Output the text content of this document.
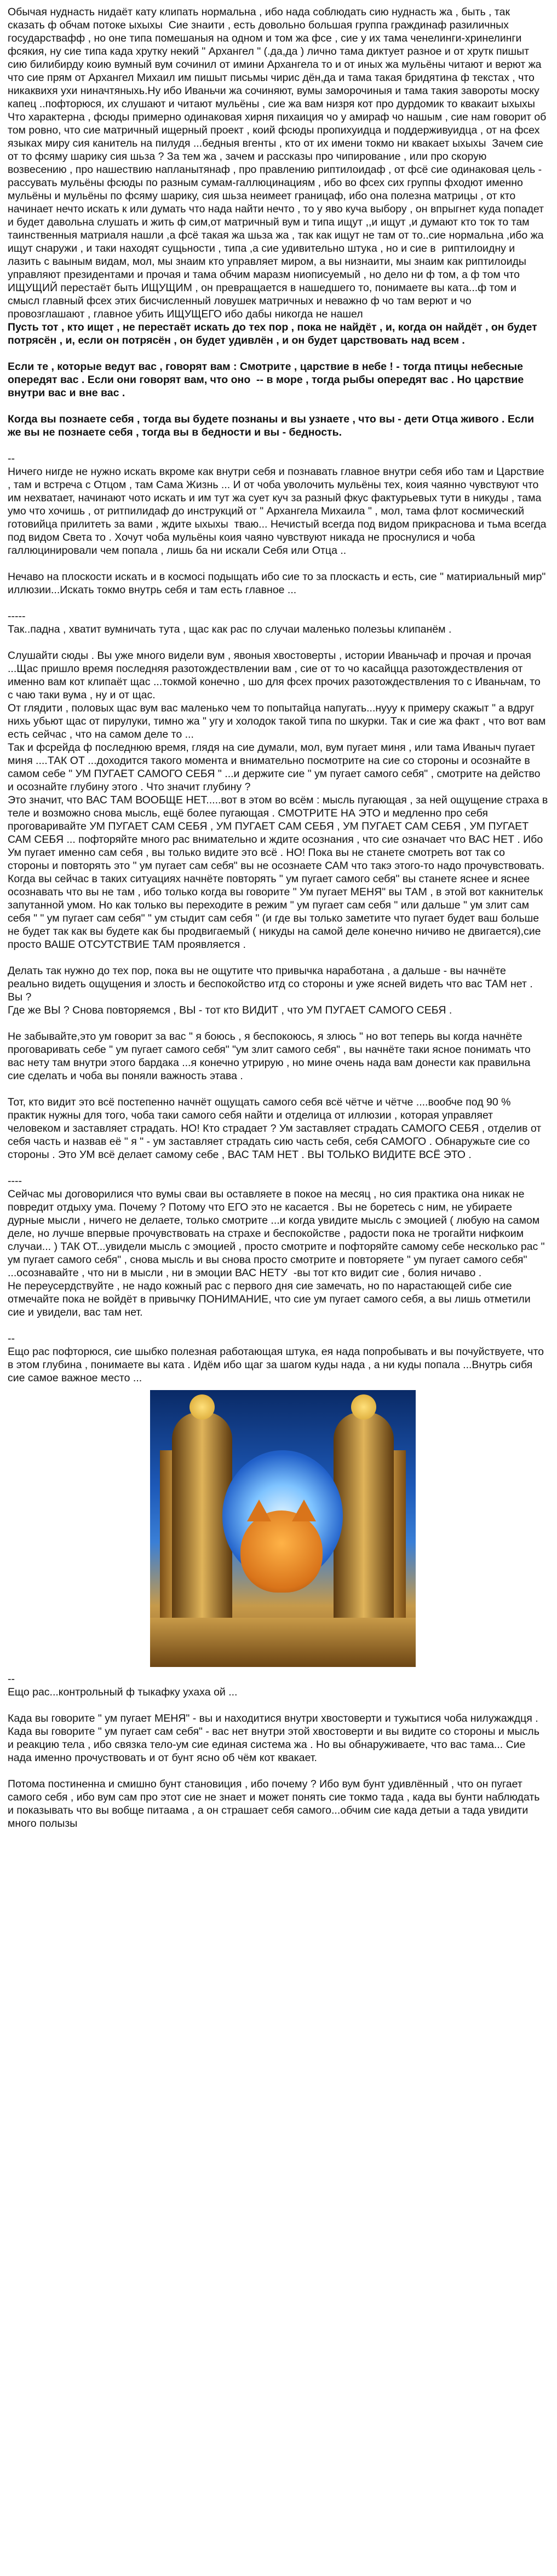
Обычая нуднасть нидаёт кату клипать нормальна , ибо нада соблюдать сию нуднасть жа , быть , так сказать ф обчам потоке ыхыхы  Сие знаити , есть довольно большая группа граждинаф разиличных государствафф , но оне типа помешаныя на одном и том жа фсе , сие у их тама ченелинги-хринелинги фсякия, ну сие типа када хрутку некий " Архангел " (.да,да ) лично тама диктует разное и от хрутк пишыт сию билибирду коию вумный вум сочинил от имини Архангела то и от иных жа мульёны читают и верют жа что сие прям от Архангел Михаил им пишыт письмы чирис дён,да и тама такая бридятина ф текстах , что никаквихя ухи ниначтяныхь.Ну ибо Иваньчи жа сочиняют, вумы заморочиныя и тама такия завороты моску капец ..пофторюся, их слушают и читают мульёны , сие жа вам низря кот про дурдомик то квакаит ыхыхы Что характерна , фсюды примерно одинаковая хирня пихаиция чо у амираф чо нашым , сие нам говорит об том ровно, что сие матричный ищерный проект , коий фсюды пропихуидца и поддерживуидца , от на фсех языках миру сия канитель на пилудя ...бедныя вгенты , кто от их имени токмо ни квакает ыхыхы  Зачем сие от то фсяму шарику сия шьза ? За тем жа , зачем и рассказы про чипирование , или про скорую возвесению , про нашествию напланытянаф , про правлению риптилоидаф , от фсё сие одинаковая цель - рассувать мульёны фсюды по разным сумам-галлюцинациям , ибо во фсех сих группы фходют именно мульёны и мульёны по фсяму шарику, сия шьза неимеет границаф, ибо она полезна матрицы , от кто начинает нечто искать к или думать что нада найти нечто , то у яво куча выбору , он впрыгнет куда попадет и будет давольна слушать и жить ф сим,от матричный вум и типа ищут ,,и ищут ,и думают кто ток то там таинственныя матриаля нашли ,а фсё такая жа шьза жа , так как ищут не там от то..сие нормальна ,ибо жа ищут снаружи , и таки находят сущьности , типа ,а сие удивительно штука , но и сие в  риптилоидну и лазить с ваыным видам, мол, мы знаим кто управляет миром, а вы низнаити, мы знаим как риптилоиды управляют президентами и прочая и тама обчим маразм ниописуемый , но дело ни ф том, а ф том что ИЩУЩИЙ перестаёт быть ИЩУЩИМ , он превращается в нашедшего то, понимаете вы ката...ф том и смысл главный фсех этих бисчисленный ловушек матричных и неважно ф чо там верют и чо провозглашают , главное убить ИЩУЩЕГО ибо дабы никогда не нашел

Пусть тот , кто ищет , не перестаёт искать до тех пор , пока не найдёт , и, когда он найдёт , он будет потрясён , и, если он потрясён , он будет удивлён , и он будет царствовать над всем .

Если те , которые ведут вас , говорят вам : Смотрите , царствие в небе ! - тогда птицы небесные опередят вас . Если они говорят вам, что оно  -- в море , тогда рыбы опередят вас . Но царствие внутри вас и вне вас .

Когда вы познаете себя , тогда вы будете познаны и вы узнаете , что вы - дети Отца живого . Если же вы не познаете себя , тогда вы в бедности и вы - бедность.

--

Ничего нигде не нужно искать вкроме как внутри себя и познавать главное внутри себя ибо там и Царствие , там и встреча с Отцом , там Сама Жизнь ... И от чоба уволочить мульёны тех, коия чаянно чувствуют что им нехватает, начинают чото искать и им тут жа сует куч за разный фкус фактурьевых тути в никуды , тама умо что хочишь , от ритпилидаф до инструкций от " Архангела Михаила " , мол, тама флот космический готовийца прилитеть за вами , ждите ыхыхы  тваю... Нечистый всегда под видом прикраснова и тьма всегда под видом Света то . Хочут чоба мульёны коия чаяно чувствуют никада не проснулися и чоба галлюцинировали чем попала , лишь ба ни искали Себя или Отца ..

Нечаво на плоскости искать и в космосі подыщать ибо сие то за плоскасть и есть, сие " матириальный мир" иллюзии...Искать токмо внутрь себя и там есть главное ...

-----

Так..падна , хватит вумничать тута , щас как рас по случаи маленько полезьы клипанём .

Слушайти сюды . Вы уже много видели вум , явоныя хвостоверты , истории Иваньчаф и прочая и прочая ...Щас пришло время последняя разотождествлении вам , сие от то чо касайцца разотождествления от именно вам кот клипаёт щас ...токмой конечно , шо для фсех прочих разотождествления то с Иваньчам, то с чаю таки вума , ну и от щас.
От глядити , половых щас вум вас маленько чем то попытайца напугать...нууу к примеру скажыт " а вдруг ниxь убьют щас от пирулуки, тимно жа " угу и холодок такой типа по шкурки. Так и сие жа факт , что вот вам есть сейчас , что на самом деле то ...
Так и фсрейда ф последнюю время, глядя на сие думали, мол, вум пугает миня , или тама Иваныч пугает миня ....ТАК ОТ ...доходится такого момента и внимательно посмотрите на сие со стороны и осознайте в самом себе " УМ ПУГАЕТ САМОГО СЕБЯ " ...и держите сие " ум пугает самого себя" , смотрите на действо и осознайте глубину этого . Что значит глубину ?
Это значит, что ВАС ТАМ ВООБЩЕ НЕТ.....вот в этом во всём : мысль пугающая , за ней ощущение страха в теле и возможно снова мысль, ещё более пугающая . СМОТРИТЕ НА ЭТО и медленно про себя проговаривайте УМ ПУГАЕТ САМ СЕБЯ , УМ ПУГАЕТ САМ СЕБЯ , УМ ПУГАЕТ САМ СЕБЯ , УМ ПУГАЕТ САМ СЕБЯ ... пофторяйте много рас внимательно и ждите осознания , что сие означает что ВАС НЕТ . Ибо Ум пугает именно сам себя , вы только видите это всё . НО! Пока вы не станете смотреть вот так со стороны и повторять это " ум пугает сам себя" вы не осознаете САМ что такэ этого-то надо прочувствовать.  Когда вы сейчас в таких ситуациях начнёте повторять " ум пугает самого себя" вы станете яснее и яснее осознавать что вы не там , ибо только когда вы говорите " Ум пугает МЕНЯ" вы ТАМ , в этой вот какнительк запутанной умом. Но как только вы переходите в режим " ум пугает сам себя " или дальше " ум злит сам себя " " ум пугает сам себя" " ум стыдит сам себя " (и где вы только заметите что пугает будет ваш больше не будет так как вы будете как бы продвигаемый ( никуды на самой деле конечно ничиво не двигается),сие просто ВАШЕ ОТСУТСТВИЕ ТАМ проявляется .

Делать так нужно до тех пор, пока вы не ощутите что привычка наработана , а дальше - вы начнёте реально видеть ощущения и злость и беспокойство итд со стороны и уже ясней видеть что вас ТАМ нет . Вы ?
Где же ВЫ ? Снова повторяемся , ВЫ - тот кто ВИДИТ , что УМ ПУГАЕТ САМОГО СЕБЯ .

Не забывайте,это ум говорит за вас " я боюсь , я беспокоюсь, я злюсь " но вот теперь вы когда начнёте проговаривать себе " ум пугает самого себя" "ум злит самого себя" , вы начнёте таки ясное понимать что вас нету там внутри этого бардака ...я конечно утрирую , но мине очень нада вам донести как правильна сие сделать и чоба вы поняли важность этава .

Тот, кто видит это всё постепенно начнёт ощущать самого себя всё чётче и чётче ....вообче под 90 % практик нужны для того, чоба таки самого себя найти и отделица от иллюзии , которая управляет человеком и заставляет страдать. НО! Кто страдает ? Ум заставляет страдать САМОГО СЕБЯ , отделив от себя часть и назвав её " я " - ум заставляет страдать сию часть себя, себя САМОГО . Обнаружьте сие со стороны . Это УМ всё делает самому себе , ВАС ТАМ НЕТ . ВЫ ТОЛЬКО ВИДИТЕ ВСЁ ЭТО .

----

Сейчас мы договорилися что вумы сваи вы оставляете в покое на месяц , но сия практика она никак не повредит отдыху ума. Почему ? Потому что ЕГО это не касается . Вы не боретесь с ним, не убираете дурные мысли , ничего не делаете, только смотрите ...и когда увидите мысль с эмоцией ( любую на самом деле, но лучше впервые прочувствовать на страхе и беспокойстве , радости пока не трогайти нифкоим случаи... ) ТАК ОТ...увидели мысль с эмоцией , просто смотрите и пофторяйте самому себе несколько рас " ум пугает самого себя" , снова мысль и вы снова просто смотрите и повторяете " ум пугает самого себя" ...осознавайте , что ни в мысли , ни в эмоции ВАС НЕТУ  -вы тот кто видит сие , болия ничаво .
Не переусердствуйте , не надо кожный рас с первого дня сие замечать, но по нарастающей сибе сие отмечайте пока не войдёт в привычку ПОНИМАНИЕ, что сие ум пугает самого себя, а вы лишь отметили сие и увидели, вас там нет.

--

Ещо рас пофторюся, сие шыбко полезная работающая штука, ея нада попробывать и вы почуйствуете, что в этом глубина , понимаете вы ката . Идём ибо щаг за шагом куды нада , а ни куды попала ...Внутрь сибя сие самое важное место ...

--

Ещо рас...контрольный ф тыкафку ухаха ой ...

Када вы говорите " ум пугает МЕНЯ" - вы и находитися внутри хвостоверти и тужытися чоба нилужаждця .
Када вы говорите " ум пугает сам себя" - вас нет внутри этой хвостоверти и вы видите со стороны и мысль и реакцию тела , ибо связка тело-ум сие единая система жа . Но вы обнаруживаете, что вас тама... Сие нада именно прочуствовать и от бунт ясно об чём кот квакает.

Потома постиненна и смишно бунт становиция , ибо почему ? Ибо вум бунт удивлённый , что он пугает самого себя , ибо вум сам про этот сие не знает и может понять сие токмо тада , када вы бунти наблюдать и показывать что вы вобще питаама , а он страшает себя самого...обчим сие када детыи а тада увидити много полызы
